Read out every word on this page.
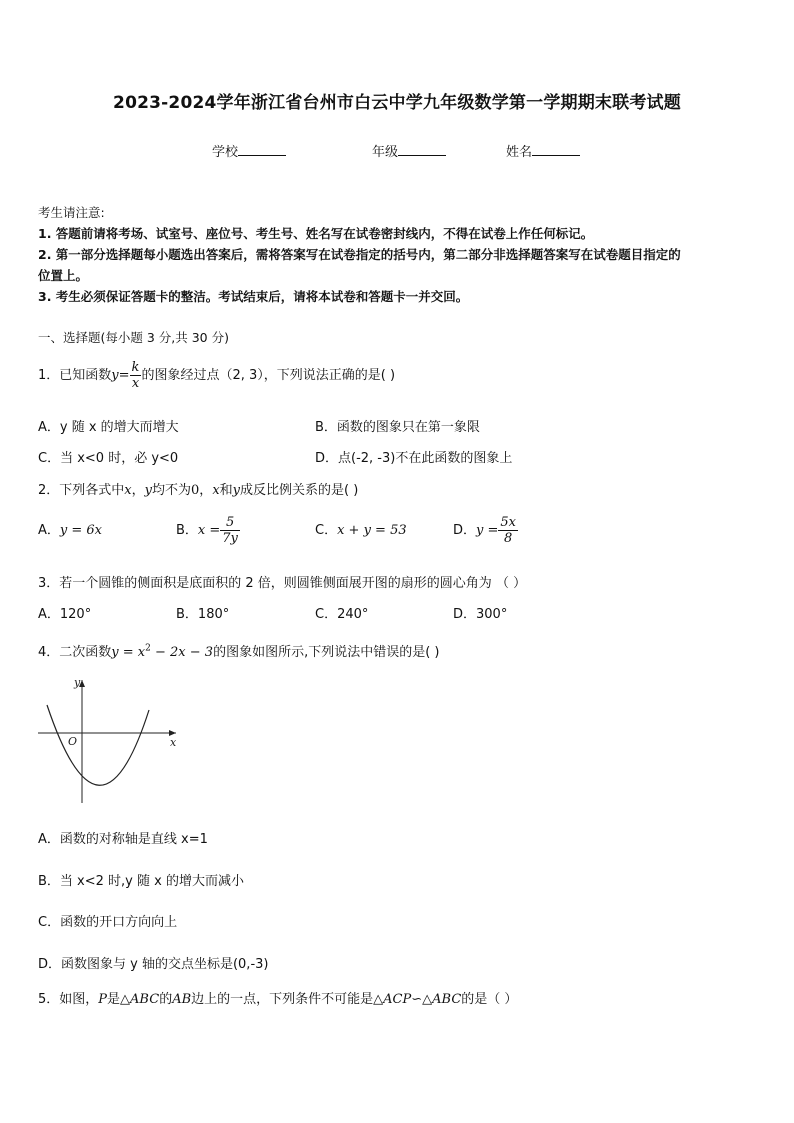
2023-2024学年浙江省台州市白云中学九年级数学第一学期期末联考试题
学校	年级	姓名
考生请注意:
1. 答题前请将考场、试室号、座位号、考生号、姓名写在试卷密封线内，不得在试卷上作任何标记。
2. 第一部分选择题每小题选出答案后，需将答案写在试卷指定的括号内，第二部分非选择题答案写在试卷题目指定的
位置上。
3. 考生必须保证答题卡的整洁。考试结束后，请将本试卷和答题卡一并交回。
一、选择题(每小题 3 分,共 30 分)
1．已知函数$y= \frac{k}{x}$ 的图象经过点（2, 3），下列说法正确的是( )
A．y 随 x 的增大而增大	B．函数的图象只在第一象限
C．当 x<0 时，必 y<0	D．点(-2, -3)不在此函数的图象上
2．下列各式中x，y均不为0，x和y成反比例关系的是( )
A．y = 6x	B．$x = \frac{5}{7y}$	C．x + y = 53	D．$y = \frac{5x}{8}$
3．若一个圆锥的侧面积是底面积的 2 倍，则圆锥侧面展开图的扇形的圆心角为 （ ）
A．120°	B．180°	C．240°	D．300°
4．二次函数$y = x^2 - 2x - 3$的图象如图所示,下列说法中错误的是( )
x
y
O
A．函数的对称轴是直线 x=1
B．当 x<2 时,y 随 x 的增大而减小
C．函数的开口方向向上
D．函数图象与 y 轴的交点坐标是(0,-3)
5．如图，P是△ABC的AB边上的一点，下列条件不可能是△ACP∽△ABC的是（ ）
